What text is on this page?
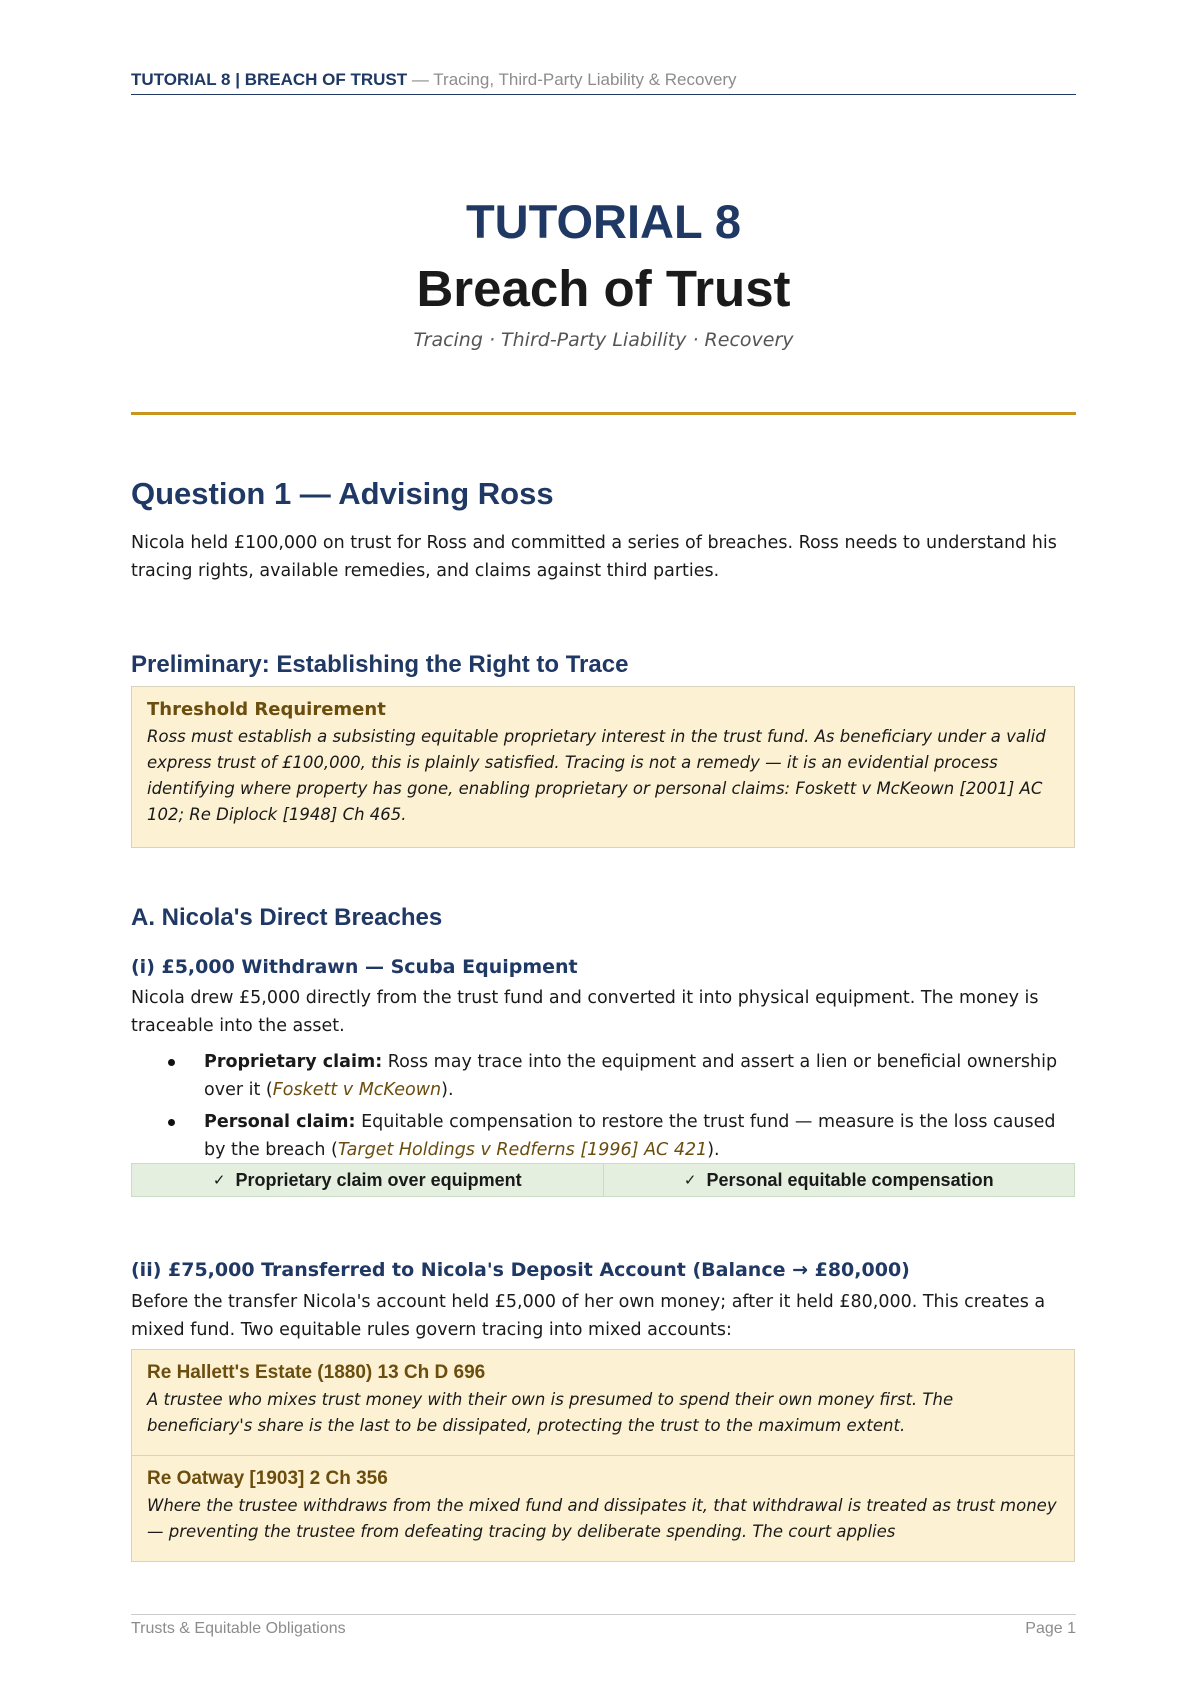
TUTORIAL 8 | BREACH OF TRUST — Tracing, Third-Party Liability & Recovery
TUTORIAL 8
Breach of Trust
Tracing · Third-Party Liability · Recovery
Question 1 — Advising Ross
Nicola held £100,000 on trust for Ross and committed a series of breaches. Ross needs to understand his tracing rights, available remedies, and claims against third parties.
Preliminary: Establishing the Right to Trace
Threshold Requirement
Ross must establish a subsisting equitable proprietary interest in the trust fund. As beneficiary under a valid express trust of £100,000, this is plainly satisfied. Tracing is not a remedy — it is an evidential process identifying where property has gone, enabling proprietary or personal claims: Foskett v McKeown [2001] AC 102; Re Diplock [1948] Ch 465.
A. Nicola's Direct Breaches
(i) £5,000 Withdrawn — Scuba Equipment
Nicola drew £5,000 directly from the trust fund and converted it into physical equipment. The money is traceable into the asset.
Proprietary claim: Ross may trace into the equipment and assert a lien or beneficial ownership over it (Foskett v McKeown).
Personal claim: Equitable compensation to restore the trust fund — measure is the loss caused by the breach (Target Holdings v Redferns [1996] AC 421).
✓ Proprietary claim over equipment	✓ Personal equitable compensation
(ii) £75,000 Transferred to Nicola's Deposit Account (Balance → £80,000)
Before the transfer Nicola's account held £5,000 of her own money; after it held £80,000. This creates a mixed fund. Two equitable rules govern tracing into mixed accounts:
Re Hallett's Estate (1880) 13 Ch D 696
A trustee who mixes trust money with their own is presumed to spend their own money first. The beneficiary's share is the last to be dissipated, protecting the trust to the maximum extent.
Re Oatway [1903] 2 Ch 356
Where the trustee withdraws from the mixed fund and dissipates it, that withdrawal is treated as trust money — preventing the trustee from defeating tracing by deliberate spending. The court applies
Trusts & Equitable Obligations	Page 1
